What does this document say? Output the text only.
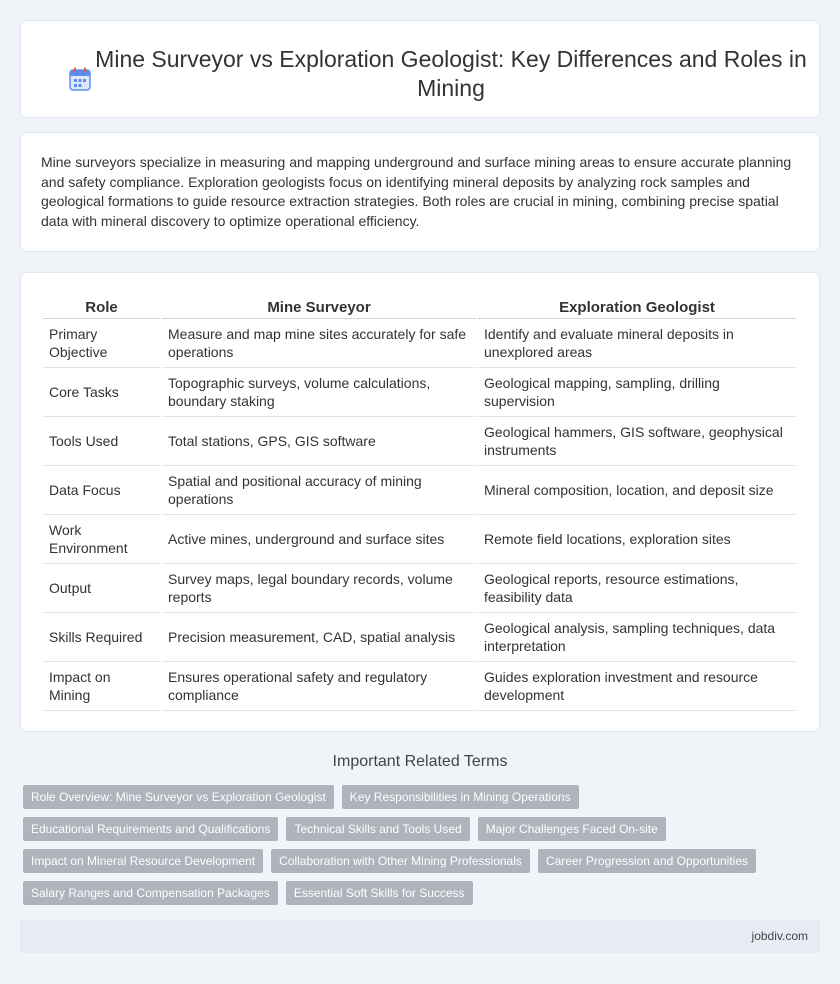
Mine Surveyor vs Exploration Geologist: Key Differences and Roles in Mining

Mine surveyors specialize in measuring and mapping underground and surface mining areas to ensure accurate planning and safety compliance. Exploration geologists focus on identifying mineral deposits by analyzing rock samples and geological formations to guide resource extraction strategies. Both roles are crucial in mining, combining precise spatial data with mineral discovery to optimize operational efficiency.

Role	Mine Surveyor	Exploration Geologist
Primary Objective	Measure and map mine sites accurately for safe operations	Identify and evaluate mineral deposits in unexplored areas
Core Tasks	Topographic surveys, volume calculations, boundary staking	Geological mapping, sampling, drilling supervision
Tools Used	Total stations, GPS, GIS software	Geological hammers, GIS software, geophysical instruments
Data Focus	Spatial and positional accuracy of mining operations	Mineral composition, location, and deposit size
Work Environment	Active mines, underground and surface sites	Remote field locations, exploration sites
Output	Survey maps, legal boundary records, volume reports	Geological reports, resource estimations, feasibility data
Skills Required	Precision measurement, CAD, spatial analysis	Geological analysis, sampling techniques, data interpretation
Impact on Mining	Ensures operational safety and regulatory compliance	Guides exploration investment and resource development
Important Related Terms
Role Overview: Mine Surveyor vs Exploration Geologist	Key Responsibilities in Mining Operations
Educational Requirements and Qualifications	Technical Skills and Tools Used	Major Challenges Faced On-site
Impact on Mineral Resource Development	Collaboration with Other Mining Professionals	Career Progression and Opportunities
Salary Ranges and Compensation Packages	Essential Soft Skills for Success
jobdiv.com
